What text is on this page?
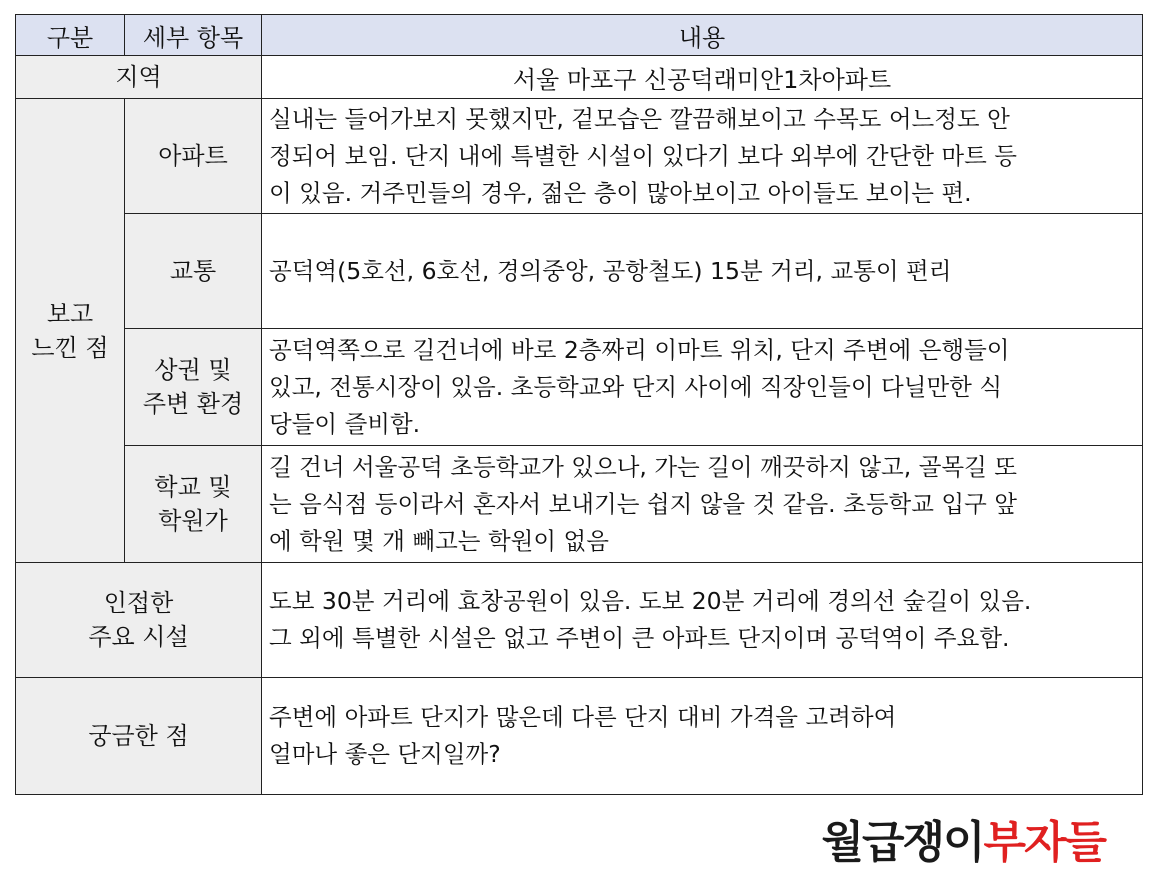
구분	세부 항목	내용
지역		서울 마포구 신공덕래미안1차아파트

보고
느낀 점	아파트	실내는 들어가보지 못했지만, 겉모습은 깔끔해보이고 수목도 어느정도 안
정되어 보임. 단지 내에 특별한 시설이 있다기 보다 외부에 간단한 마트 등
이 있음. 거주민들의 경우, 젊은 층이 많아보이고 아이들도 보이는 편.

	교통	공덕역(5호선, 6호선, 경의중앙, 공항철도) 15분 거리, 교통이 편리

	상권 및
주변 환경	공덕역쪽으로 길건너에 바로 2층짜리 이마트 위치, 단지 주변에 은행들이
있고, 전통시장이 있음. 초등학교와 단지 사이에 직장인들이 다닐만한 식
당들이 즐비함.

	학교 및
학원가	길 건너 서울공덕 초등학교가 있으나, 가는 길이 깨끗하지 않고, 골목길 또
는 음식점 등이라서 혼자서 보내기는 쉽지 않을 것 같음. 초등학교 입구 앞
에 학원 몇 개 빼고는 학원이 없음

인접한
주요 시설		도보 30분 거리에 효창공원이 있음. 도보 20분 거리에 경의선 숲길이 있음.
그 외에 특별한 시설은 없고 주변이 큰 아파트 단지이며 공덕역이 주요함.

궁금한 점		주변에 아파트 단지가 많은데 다른 단지 대비 가격을 고려하여
얼마나 좋은 단지일까?
월급쟁이부자들
